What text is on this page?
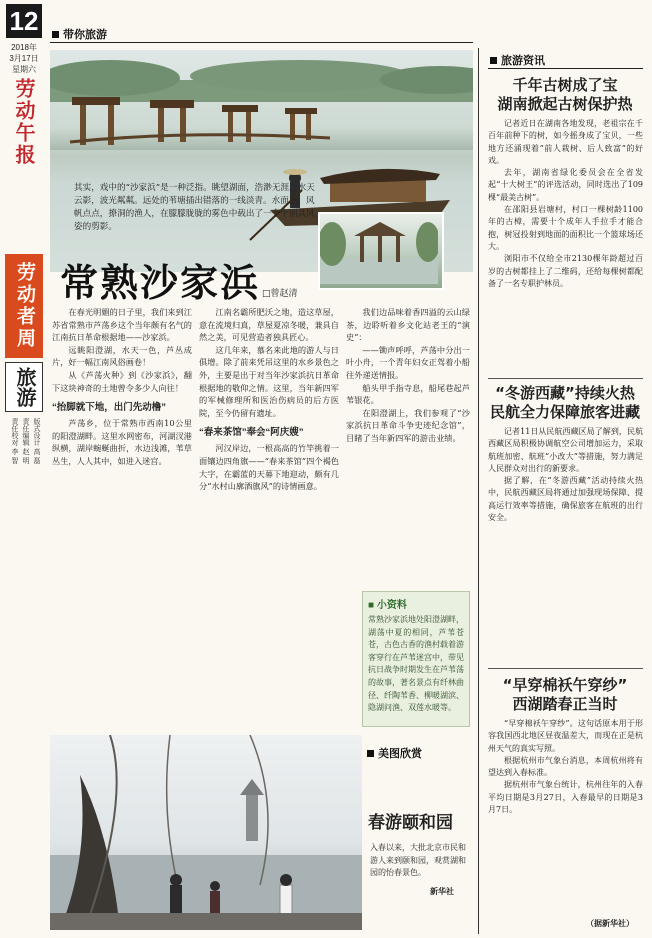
12
2018年
3月17日
星期六
劳动午报
劳动者周
旅游
版式设计 高 磊
责任编辑 赵 明
责任校对 李 智
带你旅游
其实，戏中的“沙家浜”是一种泛指。眺望湖面，浩渺无涯，水天云影，波光粼粼。远处的苇塘插出错落的一线淡青。水面上，风帆点点，撩洞的渔人，在朦朦胧胧的雾色中载出了一个个别具风姿的剪影。
常熟沙家浜 □曾赵清

在春光明媚的日子里，我们来到江苏省常熟市芦荡乡这个当年颇有名气的江南抗日革命根据地——沙家浜。

远眺阳澄湖，水天一色，芦丛成片，好一幅江南风俗画卷！

从《芦荡火种》到《沙家浜》，翻下这块神奇的土地曾令多少人向往！

“抬脚就下地，出门先动橹”

芦荡乡，位于常熟市西南10公里的阳澄湖畔。这里水网密布，河湖汊港纵横，湖岸蜿蜒曲折，水边浅滩，苇草丛生，人人其中，如进入迷宫。

江南名霸所肥沃之地，造这草屋，意在流境归真，草屋夏凉冬暖，兼具自然之美，可见营造者独具匠心。

这几年来，慕名来此地的游人与日俱增。除了前来凭吊这里的水乡景色之外，主要是出于对当年沙家浜抗日革命根据地的敬仰之情。这里，当年新四军的军械修理所和医治伤病员的后方医院，至今仍留有遗址。

“春来茶馆”奉会“阿庆嫂”

河汉岸边，一根高高的竹竿挑着一面镶边四角旗——“春来茶馆”四个褐色大字，在霸蓝的天幕下地迎动，颇有几分“水村山廓酒旗风”的诗情画意。

我们边品味着香四溢的云山绿茶，边聆听着乡文化站老王的“演史”：

——锄声呼呼，芦荡中分出一叶小舟，一个青年妇女正驾着小船往外递送情报。

船头甲手指寺息，船尾巷起芦苇银花。

在阳澄湖上，我们参观了“沙家浜抗日革命斗争史迹纪念馆”，目睹了当年新四军的游击业绩。

■ 小资料
常熟沙家浜地处阳澄湖畔，湖荡中夏的相同，芦苇苍苍，古色古香的渔村载着游客穿行在芦苇迷宫中，带见抗日战争时期发生在芦苇荡的故事，著名景点有纤林曲径、纤陶苇香、柳暖湖滨、隐湖问渔、双莲水暖等。
美图欣赏
春游颐和园
入春以来，大批北京市民和游人来到颐和园，观赏湖和园的怡春景色。
新华社
旅游资讯
千年古树成了宝
湖南掀起古树保护热

记者近日在湖南各地发现，老祖宗在千百年前种下的树，如今摇身成了宝贝，一些地方还涌现着“前人栽树、后人致富”的好戏。

去年，湖南省绿化委员会在全省发起“十大树王”的评选活动，同时选出了109棵“最美古树”。

在邵阳县岩塘村，村口一棵树龄1100年的古樟，需要十个成年人手拉手才能合抱，树冠投射到地面的面积比一个篮球场还大。

浏阳市不仅给全市2130棵年龄超过百岁的古树都挂上了二维码，还给每棵树都配备了一名专职护林员。

“冬游西藏”持续火热
民航全力保障旅客进藏

记者11日从民航西藏区局了解到，民航西藏区局积极协调航空公司增加运力，采取航班加密、航班“小改大”等措施，努力满足人民群众对出行的新要求。

据了解，在“冬游西藏”活动持续火热中，民航西藏区局将通过加强现场保障、提高运行效率等措施，确保旅客在航班的出行安全。

“早穿棉袄午穿纱”
西湖踏春正当时

“早穿棉袄午穿纱”。这句话原本用于形容我国西北地区昼夜温差大，而现在正是杭州天气的真实写照。

根据杭州市气象台消息，本周杭州将有望达到入春标准。

据杭州市气象台统计，杭州往年的入春平均日期是3月27日，入春最早的日期是3月7日。

（据新华社）
